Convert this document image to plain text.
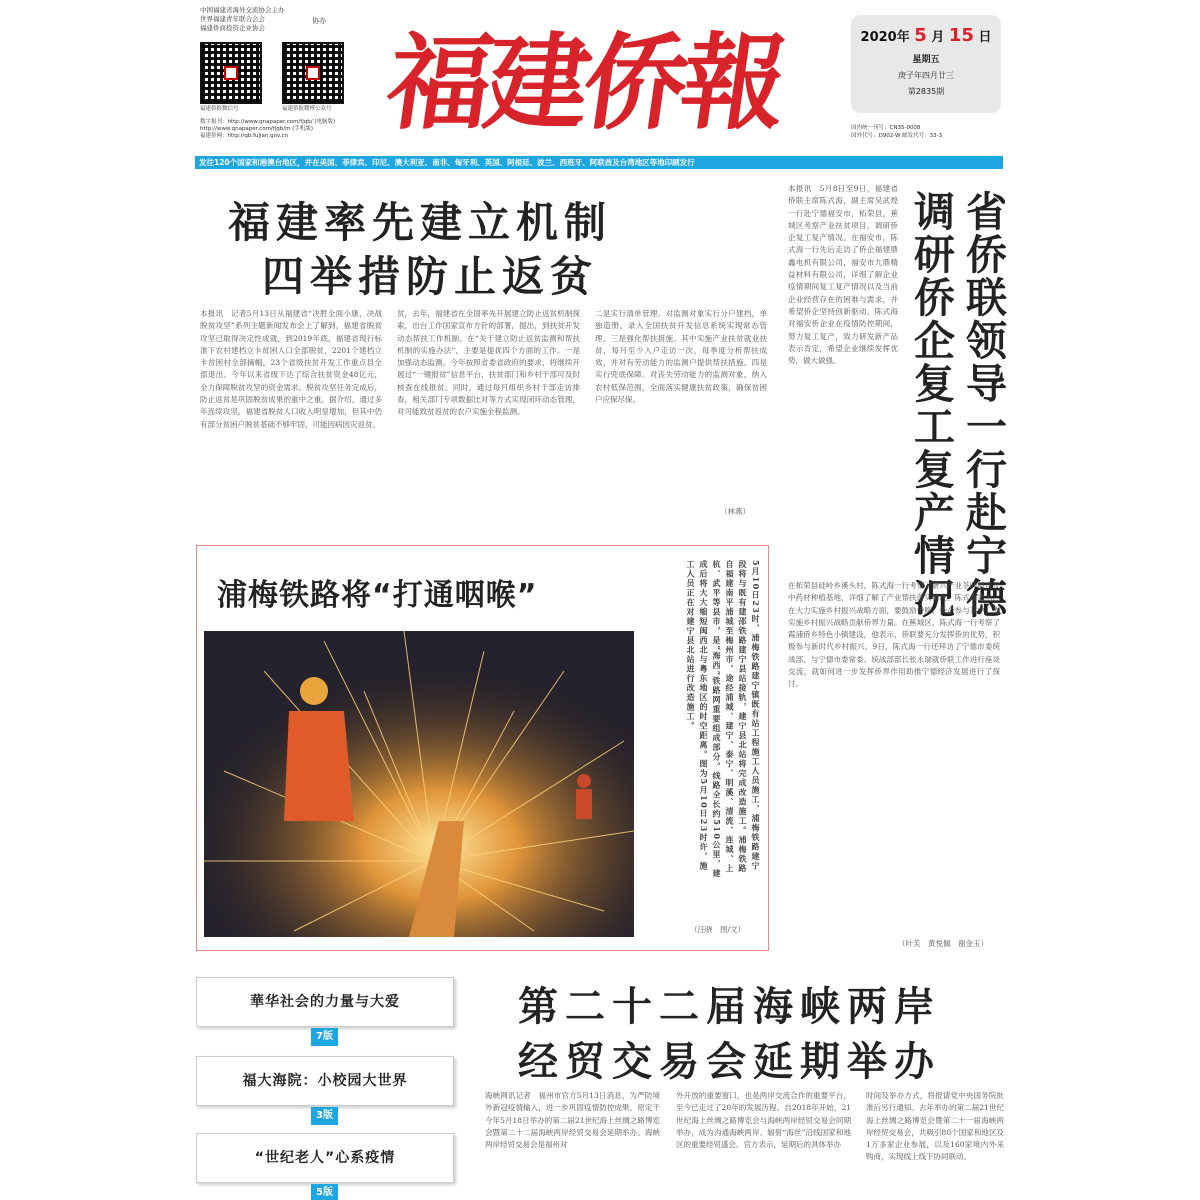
中国福建省海外交流协会主办
世界福建青年联合会会
福建侨商投资企业协会
协办
福建侨报微信号	福建侨报微博公众号
数字报刊：http://www.qnapaper.com/fjqb/ (电脑版)
http://www.qnapaper.com/fjqb/m (手机版)
福建侨网：http://qb.fujian.gov.cn 福建侨報	2020年 5 月 15 日
星期五
庚子年四月廿三
第2835期
国内统一刊号：CN35-0008
国外代号：D902-W 邮发代号：33-3
发往120个国家和港澳台地区，并在美国、菲律宾、印尼、澳大利亚、南非、匈牙利、英国、阿根廷、波兰、西班牙、阿联酋及台湾地区等地印刷发行
福建率先建立机制
四举措防止返贫
本报讯　记者5月13日从福建省“决胜全面小康，决战脱贫攻坚”系列主题新闻发布会上了解到，福建省脱贫攻坚已取得决定性成就，到2019年底，福建省现行标准下农村建档立卡贫困人口全部脱贫，2201个建档立卡贫困村全部摘帽，23个省级扶贫开发工作重点县全部退出。今年以来省级下达了综合扶贫资金48亿元，全力保障脱贫攻坚的资金需求。脱贫攻坚任务完成后，防止返贫是巩固脱贫成果的重中之重。据介绍，通过多年连续攻坚，福建省脱贫人口收入明显增加，但其中仍有部分贫困户脱贫基础不够牢固，可能因病因灾返贫。
贫，去年，福建省在全国率先开展建立防止返贫机制探索，出台工作国家宣布方针的部署，提出，到扶贫开发动态帮扶工作机制。在“关于建立防止返贫监测和帮扶机制的实施办法”，主要是提优四个方面的工作。一是加强动态监测。今年按照省委省政府的要求，将继续开展过“一键报贫”信息平台，扶贫部门和乡村干部可及时核查在线报贫。同时，通过每月组织乡村干部走访排查，相关部门专项数据比对等方式实现闭环动态管理，对可能致贫返贫的农户实施全程监测。
二是实行清单管理。对监测对象实行分户建档，单独造册，录入全国扶贫开发信息系统实现常态管理。三是强化帮扶措施。其中实施产业扶贫就业扶贫，每月至少入户走访一次，每季度分析帮扶成效，并对有劳动能力的监测户提供帮扶措施。四是实行兜底保障。对丧失劳动能力的监测对象，纳入农村低保范围，全面落实健康扶贫政策，确保贫困户应保尽保。
（林燕）
本报讯　5月8日至9日，福建省侨联主席陈式海，副主席吴武煌一行赴宁德福安市，柘荣县，蕉城区考察产业扶贫项目，调研侨企复工复产情况。在福安市，陈式海一行先后走访了侨企福建鼎鑫电机有限公司，福安市九鼎精益材料有限公司，详细了解企业疫情期间复工复产情况以及当前企业经营存在的困难与需求，并希望侨企坚持创新驱动。陈式海对福安侨企业在疫情防控期间，努力复工复产，致力研发新产品表示肯定，希望企业继续发挥优势，做大做强。	省侨联领导一行赴宁德调研侨企复工复产情况
在柘荣县硅岭乡溪头村，陈式海一行考察了新兴产业茶叶项目及中药材种植基地，详细了解了产业帮扶落实情况。陈式海表示，在大力实施乡村振兴战略方面，要鼓励侨胞、侨企参与其中，为实施乡村振兴战略贡献侨界力量。在蕉城区，陈式海一行考察了霞浦侨乡特色小镇建设，他表示，侨联要充分发挥侨的优势，积极参与新时代乡村振兴。9日，陈式海一行还拜访了宁德市委统战部，与宁德市委常委、统战部部长张永瑞就侨联工作进行座谈交流，就如何进一步发挥侨界作用助推宁德经济发展进行了探讨。
（叶芙　黄悦佩　谢金玉）
浦梅铁路将“打通咽喉”	5月10日23时，浦梅铁路建宁镇既有站工程施工人员施工，浦梅铁路建宁段将与既有建邵铁路建宁县站接轨，建宁县北站将完成改造施工。浦梅铁路自福建南平浦城至梅州市，途经浦城、建宁、泰宁、明溪、清流、连城、上杭、武平等县市，是“海西”铁路网重要组成部分。线路全长约510公里，建成后将大大缩短闽西北与粤东地区的时空距离。图为5月10日23时许，施工人员正在对建宁县北站进行改造施工。
（汪晓　图/文）
華华社会的力量与大爱
7版
福大海院：小校园大世界
3版
“世纪老人”心系疫情
5版
第二十二届海峡两岸
经贸交易会延期举办
海峡网讯记者　福州市官方5月13日消息，为严防境外新冠疫情输入，进一步巩固疫情防控成果，原定于今年5月18日举办的第二届21世纪海上丝绸之路博览会暨第二十二届海峡两岸经贸交易会延期举办。海峡两岸经贸交易会是福州对
外开放的重要窗口，也是两岸交流合作的重要平台，至今已走过了20年的发展历程。自2018年开始，21世纪海上丝绸之路博览会与海峡两岸经贸交易会同期举办，成为沟通海峡两岸、辐射“海丝”沿线国家和地区的重要经贸盛会。官方表示，延期后的具体举办
时间及举办方式，将报请党中央国务院批准后另行通知。去年举办的第二届21世纪海上丝绸之路博览会暨第二十一届海峡两岸经贸交易会，共吸引80个国家和地区及1万多家企业参展，以及160家境内外采购商，实现线上线下协同联动。
